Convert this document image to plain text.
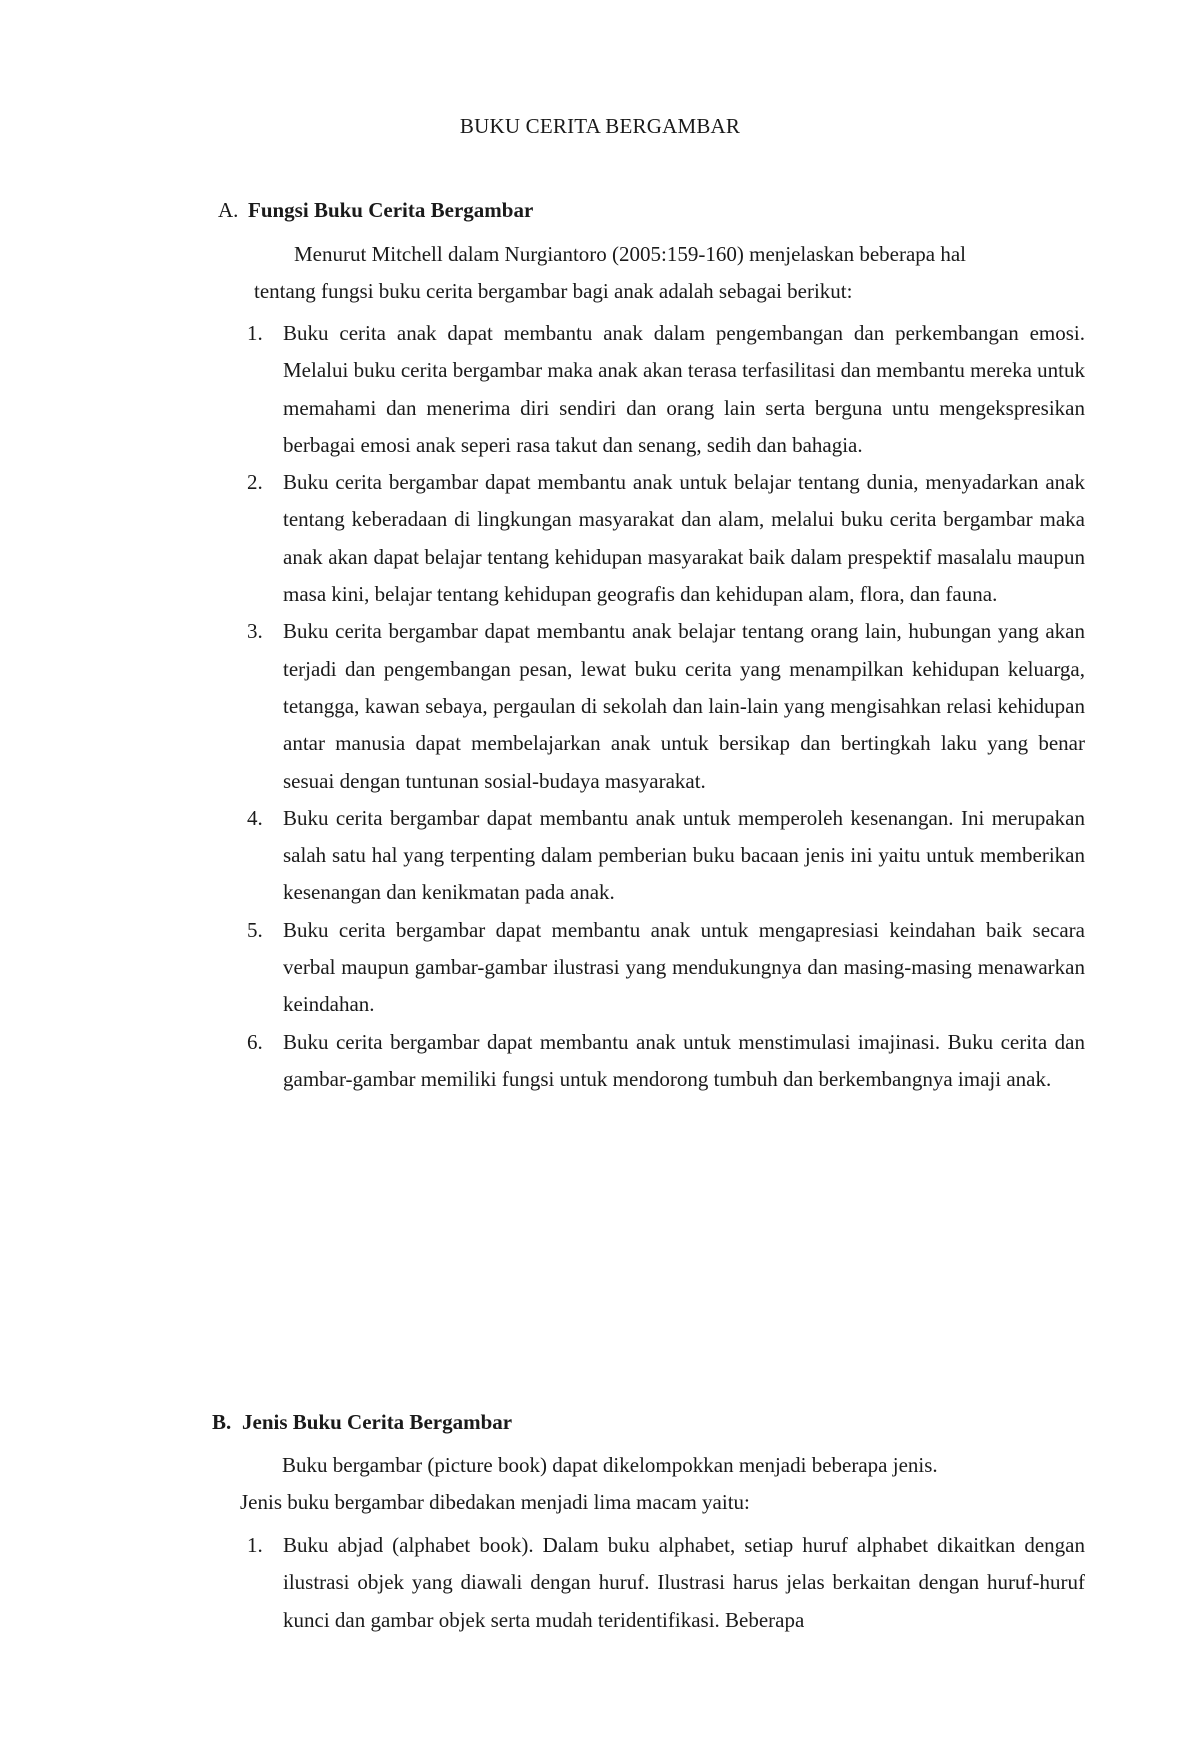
BUKU CERITA BERGAMBAR
A. Fungsi Buku Cerita Bergambar

Menurut Mitchell dalam Nurgiantoro (2005:159-160) menjelaskan beberapa hal

tentang fungsi buku cerita bergambar bagi anak adalah sebagai berikut:

1. Buku cerita anak dapat membantu anak dalam pengembangan dan perkembangan emosi. Melalui buku cerita bergambar maka anak akan terasa terfasilitasi dan membantu mereka untuk memahami dan menerima diri sendiri dan orang lain serta berguna untu mengekspresikan berbagai emosi anak seperi rasa takut dan senang, sedih dan bahagia.
2. Buku cerita bergambar dapat membantu anak untuk belajar tentang dunia, menyadarkan anak tentang keberadaan di lingkungan masyarakat dan alam, melalui buku cerita bergambar maka anak akan dapat belajar tentang kehidupan masyarakat baik dalam prespektif masalalu maupun masa kini, belajar tentang kehidupan geografis dan kehidupan alam, flora, dan fauna.
3. Buku cerita bergambar dapat membantu anak belajar tentang orang lain, hubungan yang akan terjadi dan pengembangan pesan, lewat buku cerita yang menampilkan kehidupan keluarga, tetangga, kawan sebaya, pergaulan di sekolah dan lain-lain yang mengisahkan relasi kehidupan antar manusia dapat membelajarkan anak untuk bersikap dan bertingkah laku yang benar sesuai dengan tuntunan sosial-budaya masyarakat.
4. Buku cerita bergambar dapat membantu anak untuk memperoleh kesenangan. Ini merupakan salah satu hal yang terpenting dalam pemberian buku bacaan jenis ini yaitu untuk memberikan kesenangan dan kenikmatan pada anak.
5. Buku cerita bergambar dapat membantu anak untuk mengapresiasi keindahan baik secara verbal maupun gambar-gambar ilustrasi yang mendukungnya dan masing-masing menawarkan keindahan.
6. Buku cerita bergambar dapat membantu anak untuk menstimulasi imajinasi. Buku cerita dan gambar-gambar memiliki fungsi untuk mendorong tumbuh dan berkembangnya imaji anak.
B. Jenis Buku Cerita Bergambar

Buku bergambar (picture book) dapat dikelompokkan menjadi beberapa jenis.

Jenis buku bergambar dibedakan menjadi lima macam yaitu:

1. Buku abjad (alphabet book). Dalam buku alphabet, setiap huruf alphabet dikaitkan dengan ilustrasi objek yang diawali dengan huruf. Ilustrasi harus jelas berkaitan dengan huruf-huruf kunci dan gambar objek serta mudah teridentifikasi. Beberapa
